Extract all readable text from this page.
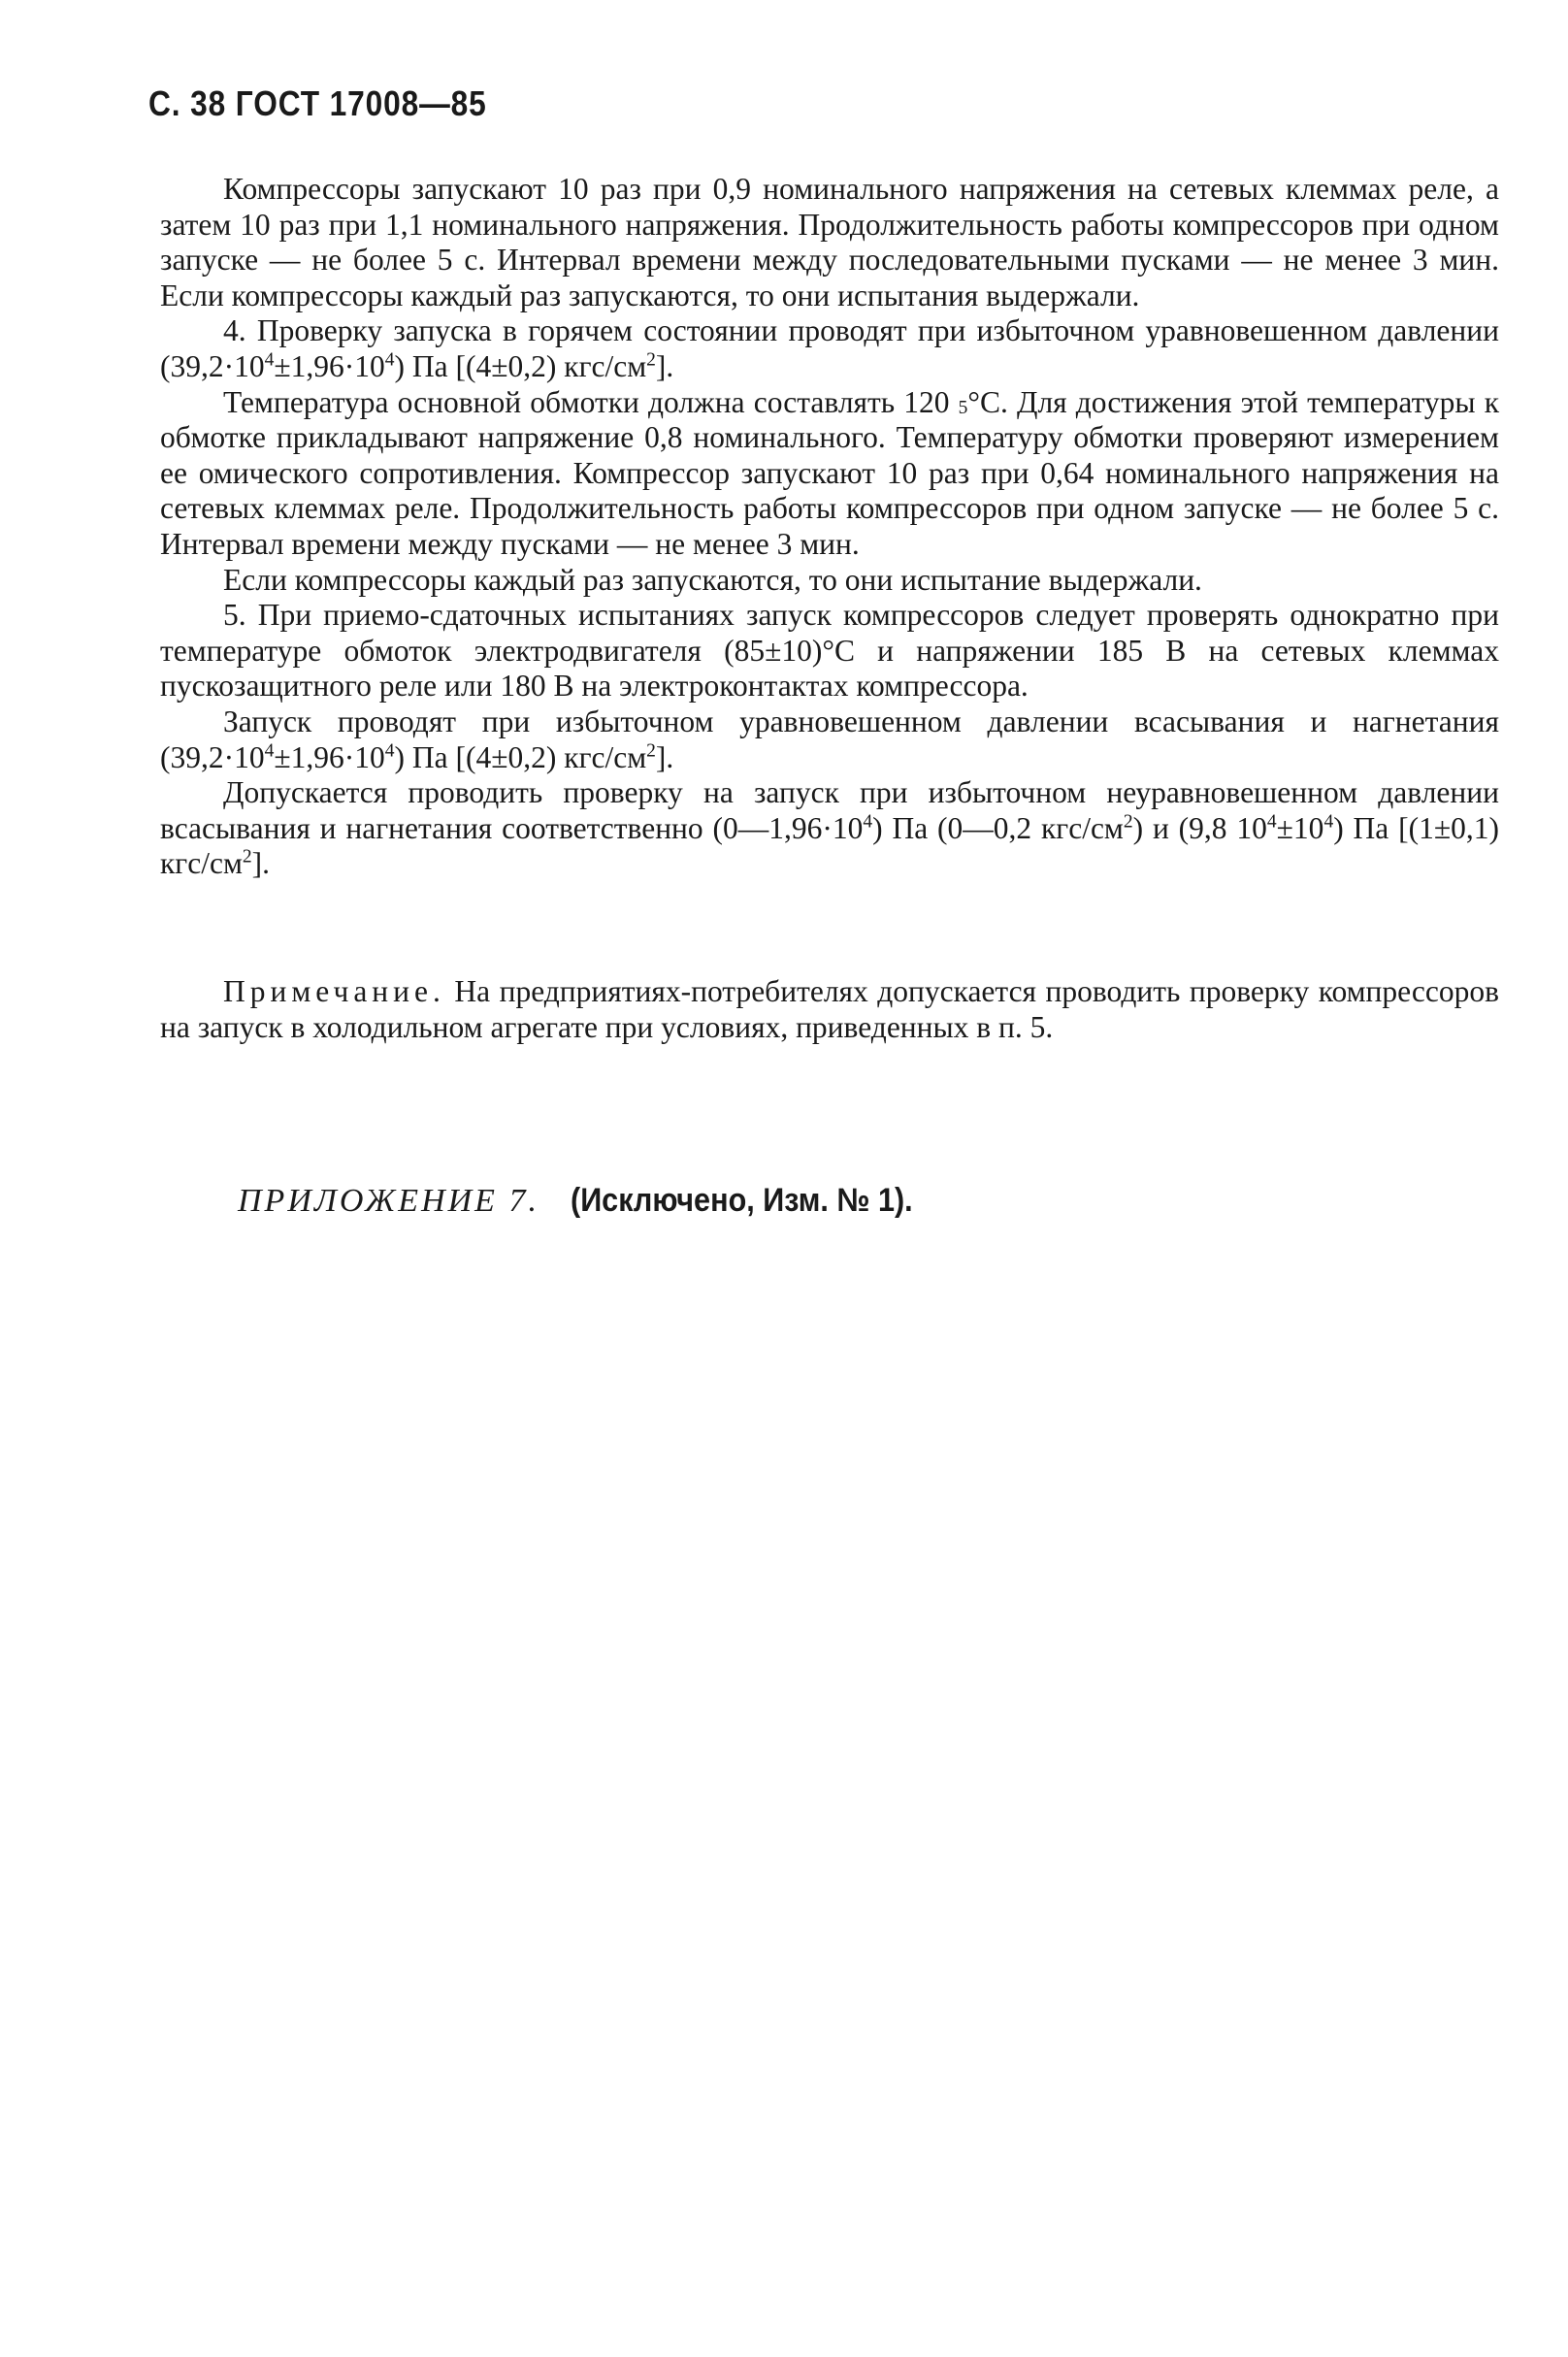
С. 38 ГОСТ 17008—85

Компрессоры запускают 10 раз при 0,9 номинального напряжения на сетевых клеммах реле, а затем 10 раз при 1,1 номинального напряжения. Продолжительность работы компрессоров при одном запуске — не более 5 с. Интервал времени между последовательными пусками — не менее 3 мин. Если компрессоры каждый раз запускаются, то они испытания выдержали.

4. Проверку запуска в горячем состоянии проводят при избыточном уравновешенном давлении $(39,2\cdot 10^4\pm 1,96\cdot 10^4)$ Па [(4±0,2) кгс/$см^2$].

Температура основной обмотки должна составлять 120 $_5$°С. Для достижения этой температуры к обмотке прикладывают напряжение 0,8 номинального. Температуру обмотки проверяют измерением ее омического сопротивления. Компрессор запускают 10 раз при 0,64 номинального напряжения на сетевых клеммах реле. Продолжительность работы компрессоров при одном запуске — не более 5 с. Интервал времени между пусками — не менее 3 мин.

Если компрессоры каждый раз запускаются, то они испытание выдержали.

5. При приемо-сдаточных испытаниях запуск компрессоров следует проверять однократно при температуре обмоток электродвигателя (85±10)°С и напряжении 185 В на сетевых клеммах пускозащитного реле или 180 В на электроконтактах компрессора.

Запуск проводят при избыточном уравновешенном давлении всасывания и нагнетания $(39,2\cdot 10^4\pm 1,96\cdot 10^4)$ Па [(4±0,2) кгс/$см^2$].

Допускается проводить проверку на запуск при избыточном неуравновешенном давлении всасывания и нагнетания соответственно $(0—1,96\cdot 10^4)$ Па (0—0,2 кгс/$см^2$) и (9,8 $10^4\pm 10^4$) Па [(1±0,1) кгс/$см^2$].

Примечание. На предприятиях-потребителях допускается проводить проверку компрессоров на запуск в холодильном агрегате при условиях, приведенных в п. 5.
ПРИЛОЖЕНИЕ 7. (Исключено, Изм. № 1).
